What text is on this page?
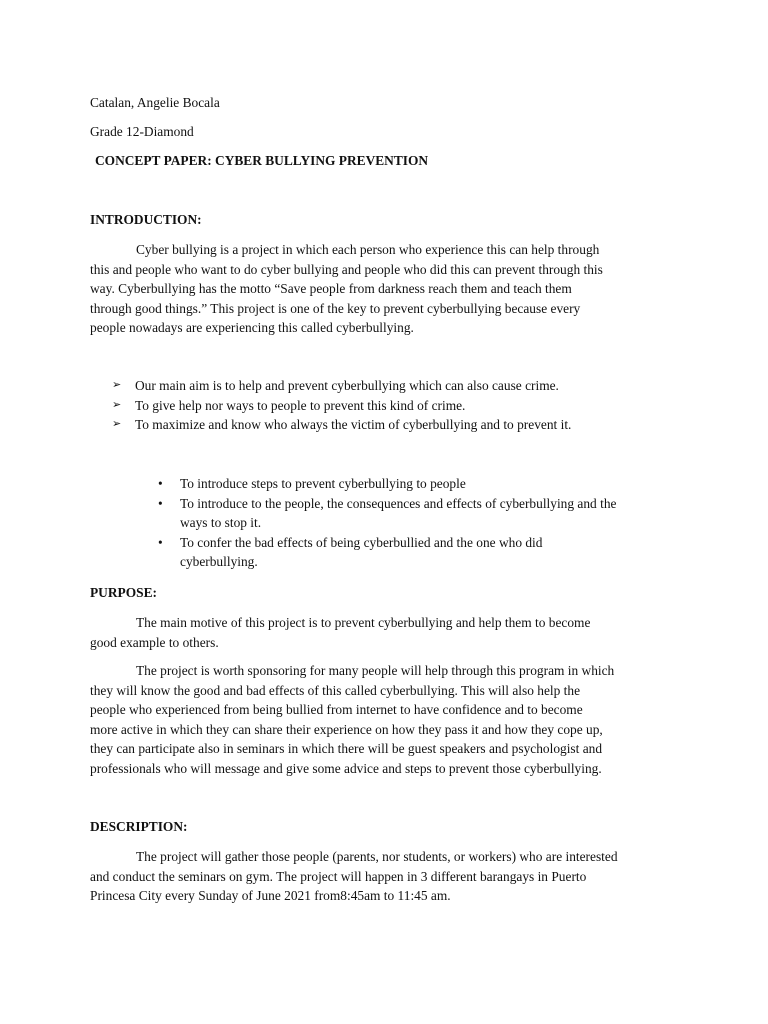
Catalan, Angelie Bocala
Grade 12-Diamond
CONCEPT PAPER: CYBER BULLYING PREVENTION
INTRODUCTION:
Cyber bullying is a project in which each person who experience this can help through
this and people who want to do cyber bullying and people who did this can prevent through this
way. Cyberbullying has the motto “Save people from darkness reach them and teach them
through good things.” This project is one of the key to prevent cyberbullying because every
people nowadays are experiencing this called cyberbullying.
➢ Our main aim is to help and prevent cyberbullying which can also cause crime.
➢ To give help nor ways to people to prevent this kind of crime.
➢ To maximize and know who always the victim of cyberbullying and to prevent it.
• To introduce steps to prevent cyberbullying to people
• To introduce to the people, the consequences and effects of cyberbullying and the
ways to stop it.
• To confer the bad effects of being cyberbullied and the one who did
cyberbullying.
PURPOSE:
The main motive of this project is to prevent cyberbullying and help them to become
good example to others.
The project is worth sponsoring for many people will help through this program in which
they will know the good and bad effects of this called cyberbullying. This will also help the
people who experienced from being bullied from internet to have confidence and to become
more active in which they can share their experience on how they pass it and how they cope up,
they can participate also in seminars in which there will be guest speakers and psychologist and
professionals who will message and give some advice and steps to prevent those cyberbullying.
DESCRIPTION:
The project will gather those people (parents, nor students, or workers) who are interested
and conduct the seminars on gym. The project will happen in 3 different barangays in Puerto
Princesa City every Sunday of June 2021 from8:45am to 11:45 am.
